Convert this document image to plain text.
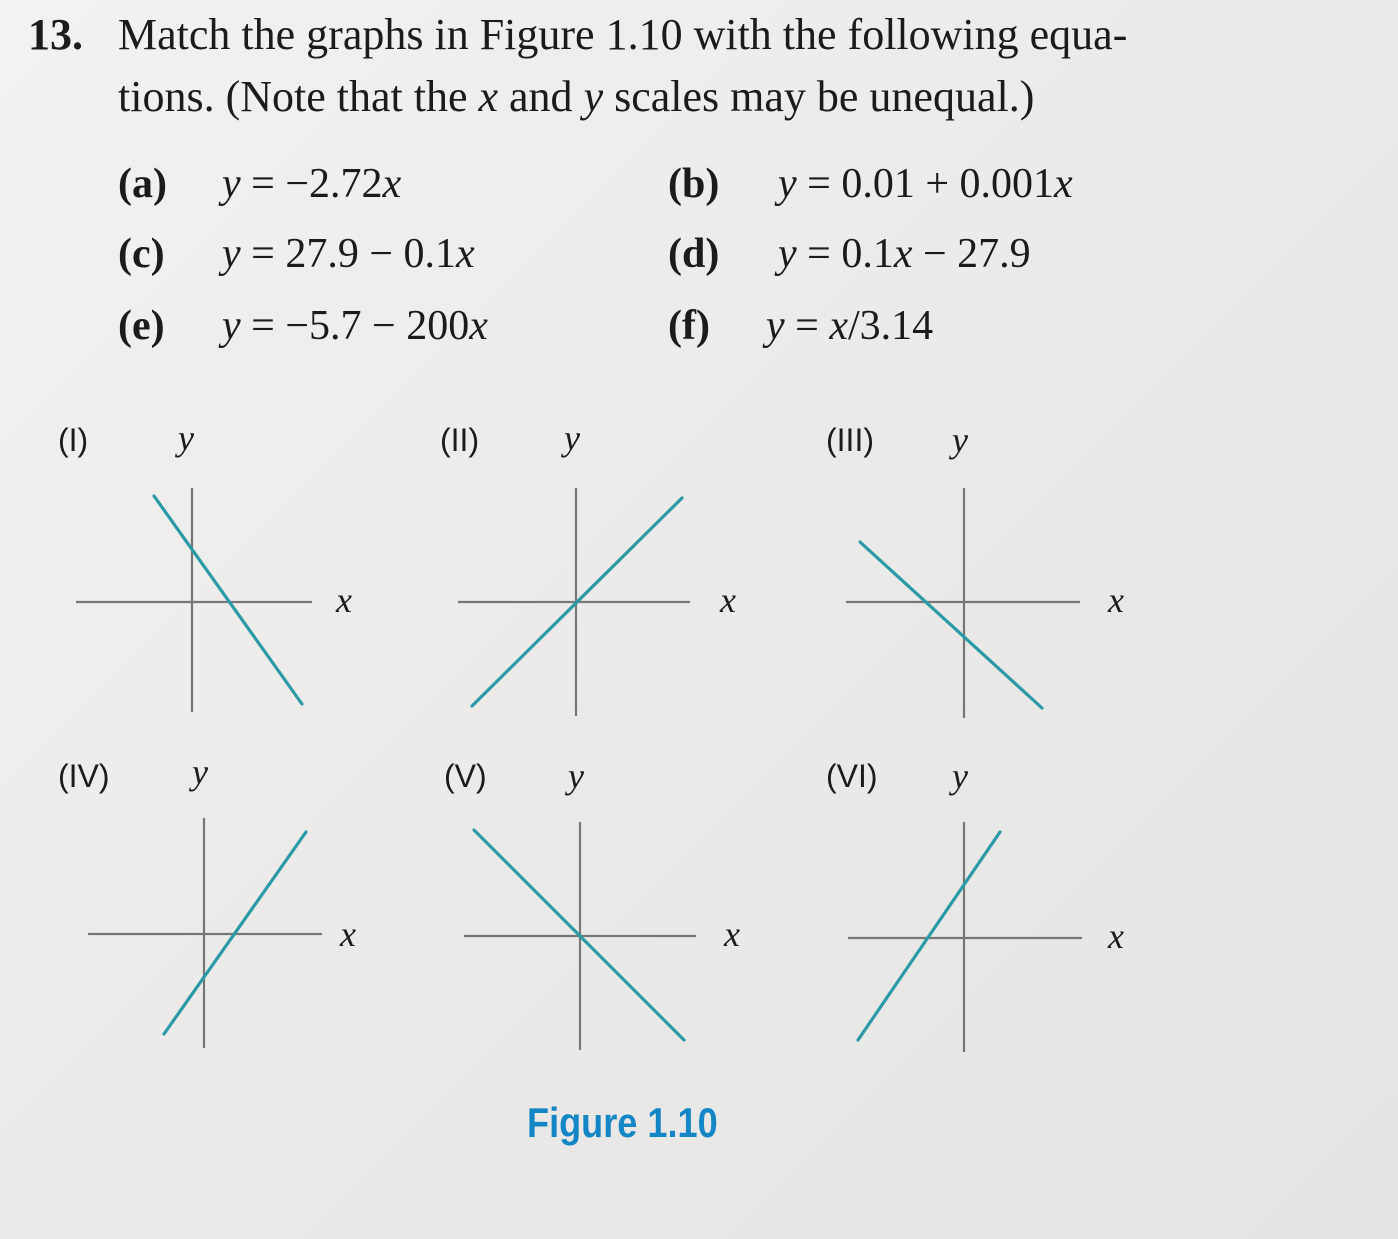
13. Match the graphs in Figure 1.10 with the following equa-
tions. (Note that the x and y scales may be unequal.)
(a) y = −2.72x	(b) y = 0.01 + 0.001x
(c) y = 27.9 − 0.1x	(d) y = 0.1x − 27.9
(e) y = −5.7 − 200x	(f) y = x/3.14
(I) y
x
(II) y
x
(III) y
x
(IV) y
x
(V) y
x
(VI) y
x
Figure 1.10
